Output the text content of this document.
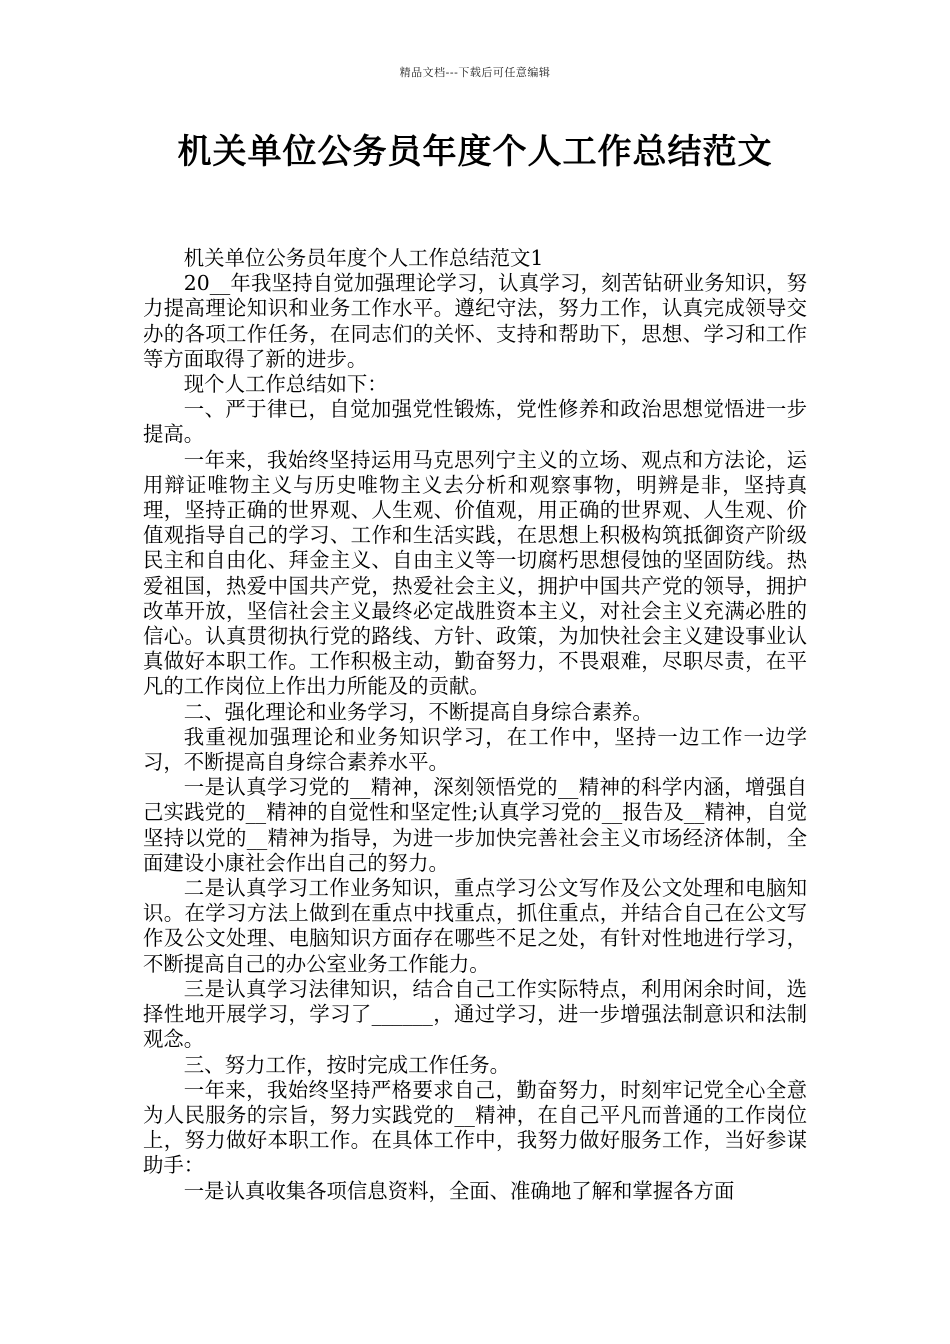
精品文档---下载后可任意编辑
机关单位公务员年度个人工作总结范文

机关单位公务员年度个人工作总结范文1

20__年我坚持自觉加强理论学习，认真学习，刻苦钻研业务知识，努力提高理论知识和业务工作水平。遵纪守法，努力工作，认真完成领导交办的各项工作任务，在同志们的关怀、支持和帮助下，思想、学习和工作等方面取得了新的进步。

现个人工作总结如下：

一、严于律已，自觉加强党性锻炼，党性修养和政治思想觉悟进一步提高。

一年来，我始终坚持运用马克思列宁主义的立场、观点和方法论，运用辩证唯物主义与历史唯物主义去分析和观察事物，明辨是非，坚持真理，坚持正确的世界观、人生观、价值观，用正确的世界观、人生观、价值观指导自己的学习、工作和生活实践，在思想上积极构筑抵御资产阶级民主和自由化、拜金主义、自由主义等一切腐朽思想侵蚀的坚固防线。热爱祖国，热爱中国共产党，热爱社会主义，拥护中国共产党的领导，拥护改革开放，坚信社会主义最终必定战胜资本主义，对社会主义充满必胜的信心。认真贯彻执行党的路线、方针、政策，为加快社会主义建设事业认真做好本职工作。工作积极主动，勤奋努力，不畏艰难，尽职尽责，在平凡的工作岗位上作出力所能及的贡献。

二、强化理论和业务学习，不断提高自身综合素养。

我重视加强理论和业务知识学习，在工作中，坚持一边工作一边学习，不断提高自身综合素养水平。

一是认真学习党的__精神，深刻领悟党的__精神的科学内涵，增强自己实践党的__精神的自觉性和坚定性;认真学习党的__报告及__精神，自觉坚持以党的__精神为指导，为进一步加快完善社会主义市场经济体制，全面建设小康社会作出自己的努力。

二是认真学习工作业务知识，重点学习公文写作及公文处理和电脑知识。在学习方法上做到在重点中找重点，抓住重点，并结合自己在公文写作及公文处理、电脑知识方面存在哪些不足之处，有针对性地进行学习，不断提高自己的办公室业务工作能力。

三是认真学习法律知识，结合自己工作实际特点，利用闲余时间，选择性地开展学习，学习了______，通过学习，进一步增强法制意识和法制观念。

三、努力工作，按时完成工作任务。

一年来，我始终坚持严格要求自己，勤奋努力，时刻牢记党全心全意为人民服务的宗旨，努力实践党的__精神，在自己平凡而普通的工作岗位上，努力做好本职工作。在具体工作中，我努力做好服务工作，当好参谋助手：

一是认真收集各项信息资料，全面、准确地了解和掌握各方面
